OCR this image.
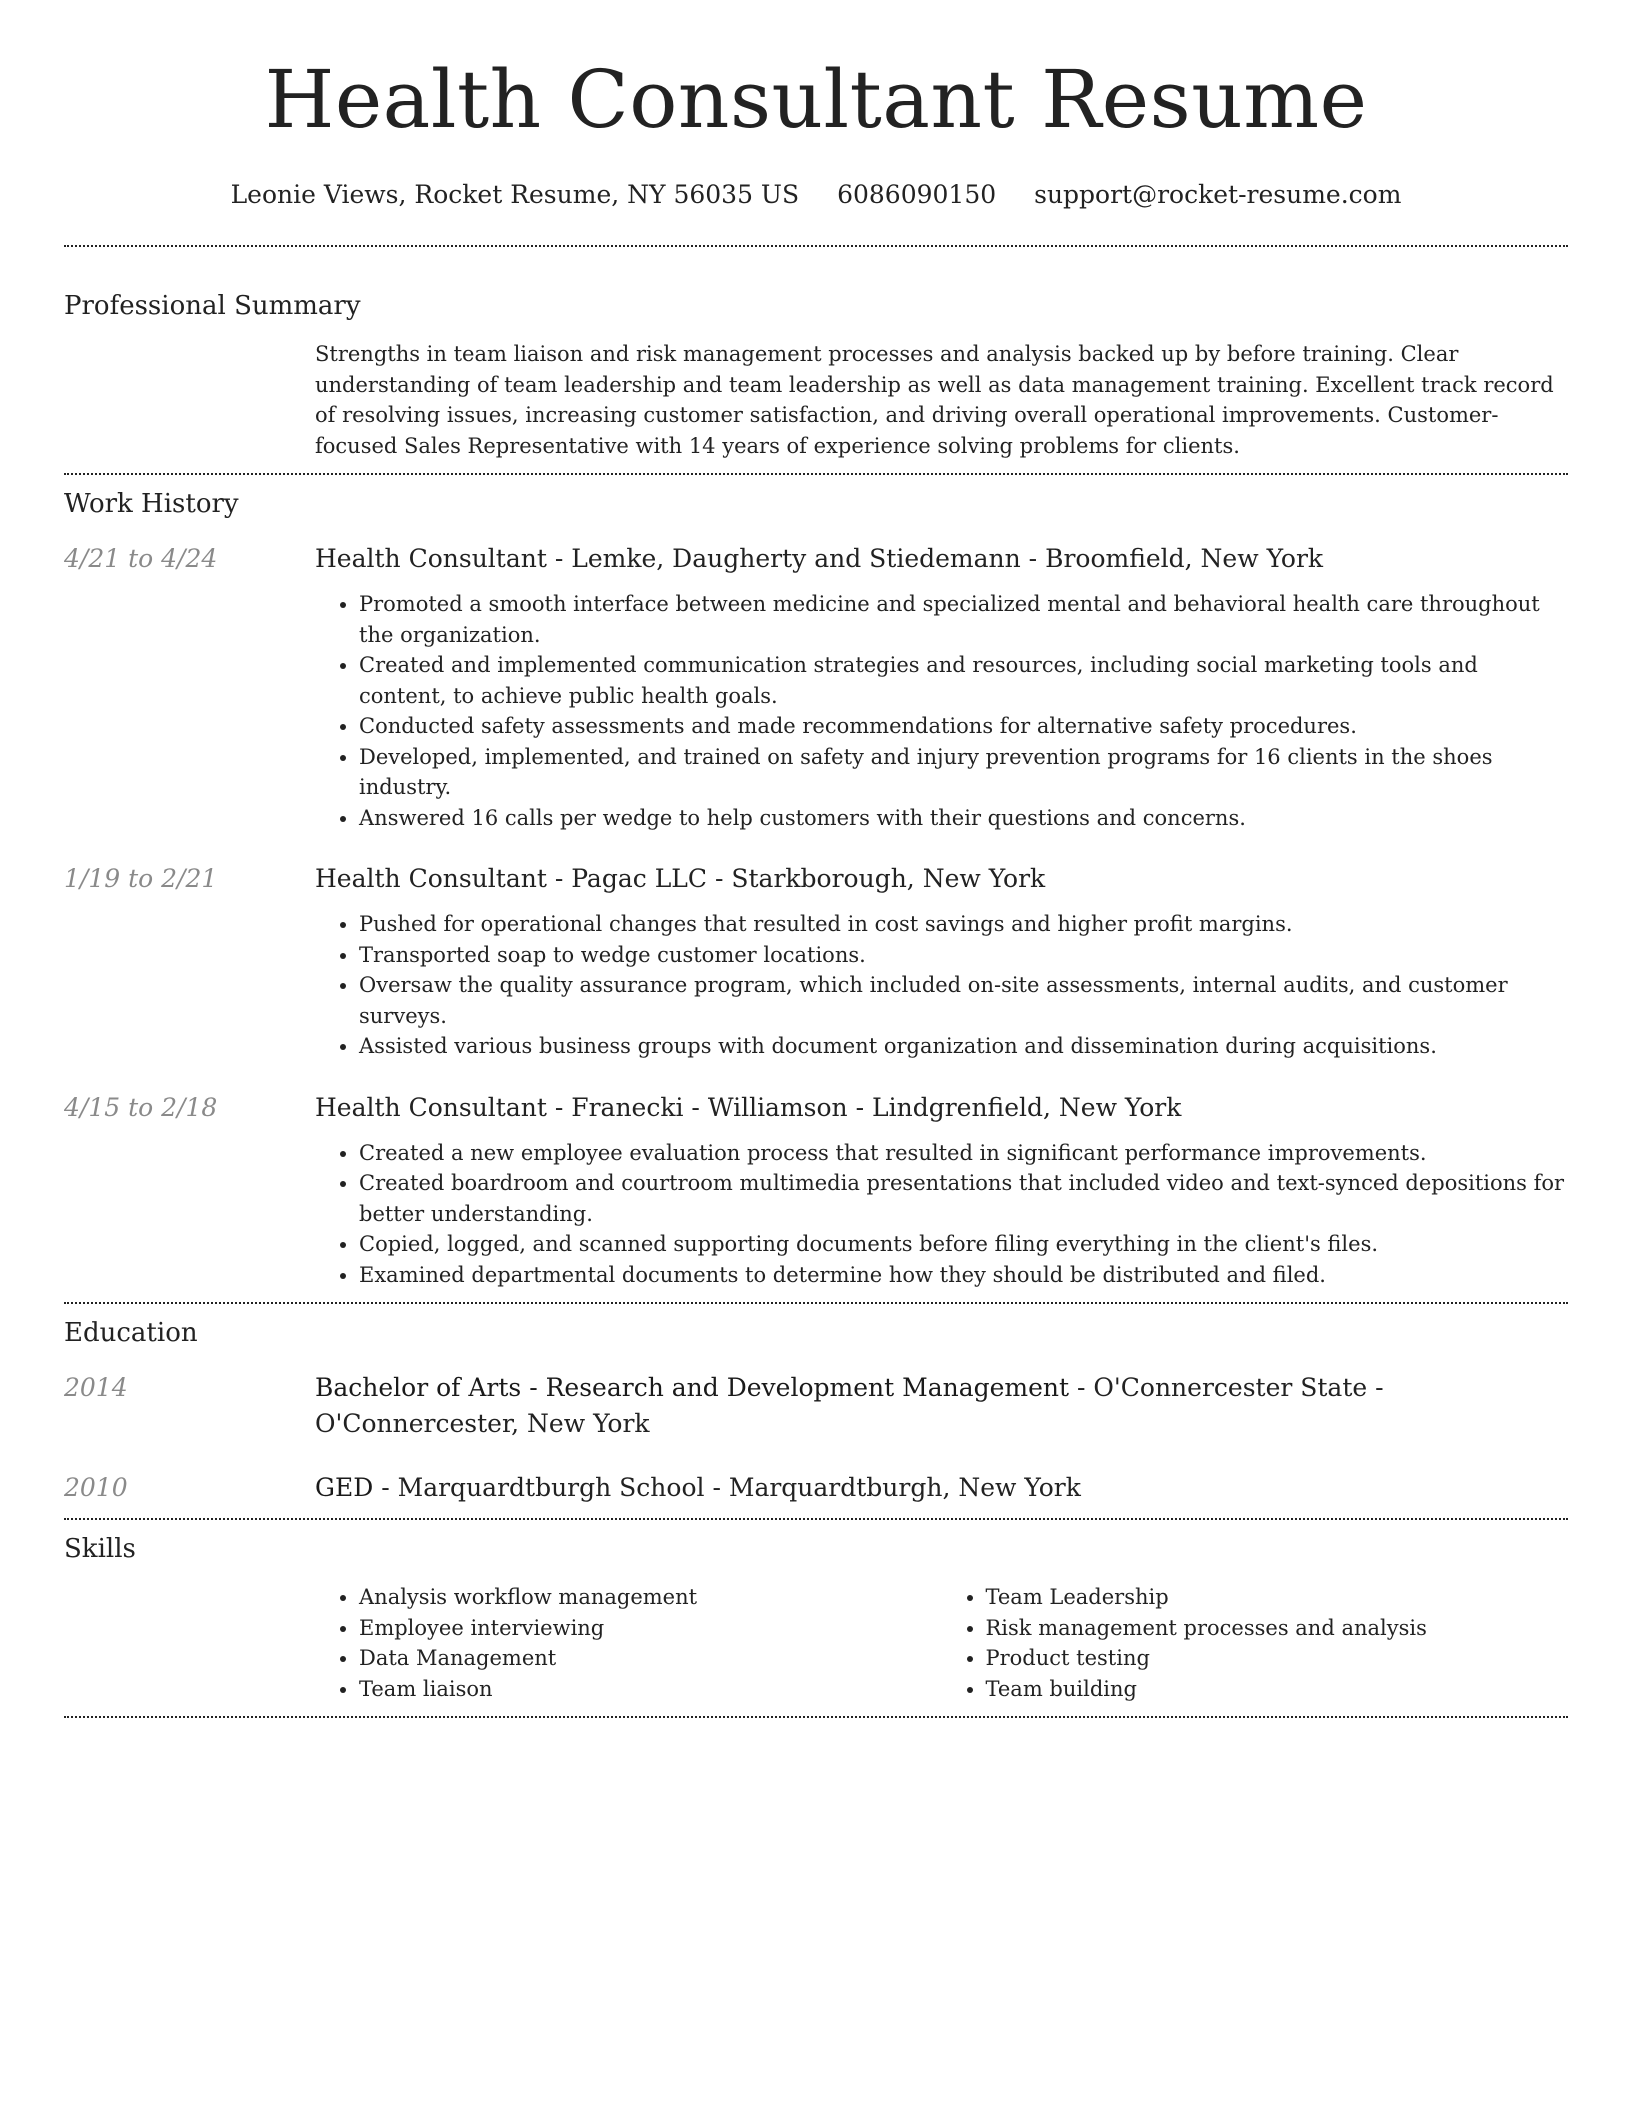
Health Consultant Resume
Leonie Views, Rocket Resume, NY 56035 US 6086090150 support@rocket-resume.com
Professional Summary

Strengths in team liaison and risk management processes and analysis backed up by before training. Clear understanding of team leadership and team leadership as well as data management training. Excellent track record of resolving issues, increasing customer satisfaction, and driving overall operational improvements. Customer-focused Sales Representative with 14 years of experience solving problems for clients.

Work History
4/21 to 4/24	Health Consultant - Lemke, Daugherty and Stiedemann - Broomfield, New York

• Promoted a smooth interface between medicine and specialized mental and behavioral health care throughout the organization.
• Created and implemented communication strategies and resources, including social marketing tools and content, to achieve public health goals.
• Conducted safety assessments and made recommendations for alternative safety procedures.
• Developed, implemented, and trained on safety and injury prevention programs for 16 clients in the shoes industry.
• Answered 16 calls per wedge to help customers with their questions and concerns.
1/19 to 2/21	Health Consultant - Pagac LLC - Starkborough, New York

• Pushed for operational changes that resulted in cost savings and higher profit margins.
• Transported soap to wedge customer locations.
• Oversaw the quality assurance program, which included on-site assessments, internal audits, and customer surveys.
• Assisted various business groups with document organization and dissemination during acquisitions.
4/15 to 2/18	Health Consultant - Franecki - Williamson - Lindgrenfield, New York

• Created a new employee evaluation process that resulted in significant performance improvements.
• Created boardroom and courtroom multimedia presentations that included video and text-synced depositions for better understanding.
• Copied, logged, and scanned supporting documents before filing everything in the client's files.
• Examined departmental documents to determine how they should be distributed and filed.
Education
2014	Bachelor of Arts - Research and Development Management - O'Connercester State - O'Connercester, New York

2010	GED - Marquardtburgh School - Marquardtburgh, New York

Skills
• Analysis workflow management
• Employee interviewing
• Data Management
• Team liaison
• Team Leadership
• Risk management processes and analysis
• Product testing
• Team building
